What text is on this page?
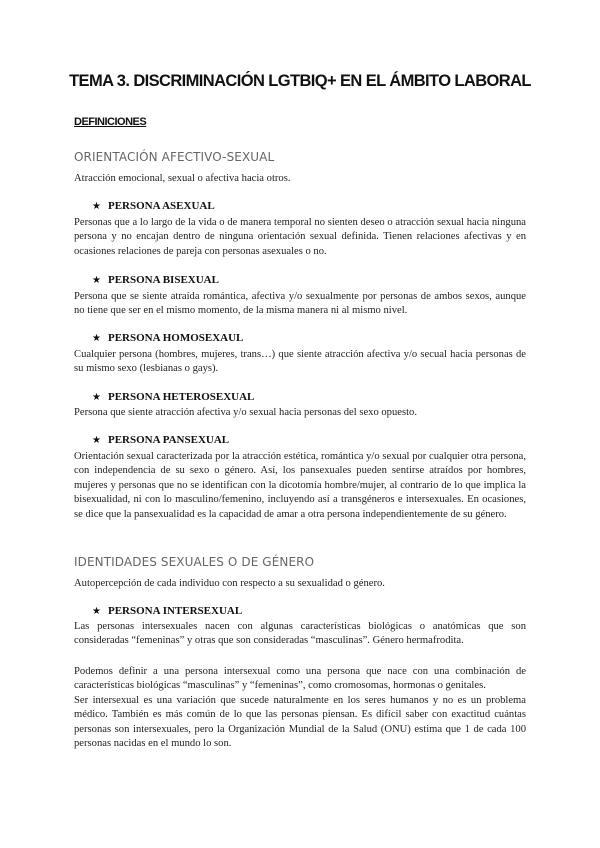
TEMA 3. DISCRIMINACIÓN LGTBIQ+ EN EL ÁMBITO LABORAL
DEFINICIONES
ORIENTACIÓN AFECTIVO-SEXUAL

Atracción emocional, sexual o afectiva hacia otros.

★ PERSONA ASEXUAL

Personas que a lo largo de la vida o de manera temporal no sienten deseo o atracción sexual hacia ninguna persona y no encajan dentro de ninguna orientación sexual definida. Tienen relaciones afectivas y en ocasiones relaciones de pareja con personas asexuales o no.

★ PERSONA BISEXUAL

Persona que se siente atraída romántica, afectiva y/o sexualmente por personas de ambos sexos, aunque no tiene que ser en el mismo momento, de la misma manera ni al mismo nivel.

★ PERSONA HOMOSEXAUL

Cualquier persona (hombres, mujeres, trans…) que siente atracción afectiva y/o secual hacia personas de su mismo sexo (lesbianas o gays).

★ PERSONA HETEROSEXUAL

Persona que siente atracción afectiva y/o sexual hacia personas del sexo opuesto.

★ PERSONA PANSEXUAL

Orientación sexual caracterizada por la atracción estética, romántica y/o sexual por cualquier otra persona, con independencia de su sexo o género. Así, los pansexuales pueden sentirse atraídos por hombres, mujeres y personas que no se identifican con la dicotomía hombre/mujer, al contrario de lo que implica la bisexualidad, ni con lo masculino/femenino, incluyendo así a transgéneros e intersexuales. En ocasiones, se dice que la pansexualidad es la capacidad de amar a otra persona independientemente de su género.

IDENTIDADES SEXUALES O DE GÉNERO

Autopercepción de cada individuo con respecto a su sexualidad o género.

★ PERSONA INTERSEXUAL

Las personas intersexuales nacen con algunas características biológicas o anatómicas que son consideradas “femeninas” y otras que son consideradas “masculinas”. Género hermafrodita.

Podemos definir a una persona intersexual como una persona que nace con una combinación de características biológicas “masculinas” y “femeninas”, como cromosomas, hormonas o genitales.

Ser intersexual es una variación que sucede naturalmente en los seres humanos y no es un problema médico. También es más común de lo que las personas piensan. Es difícil saber con exactitud cuántas personas son intersexuales, pero la Organización Mundial de la Salud (ONU) estima que 1 de cada 100 personas nacidas en el mundo lo son.
